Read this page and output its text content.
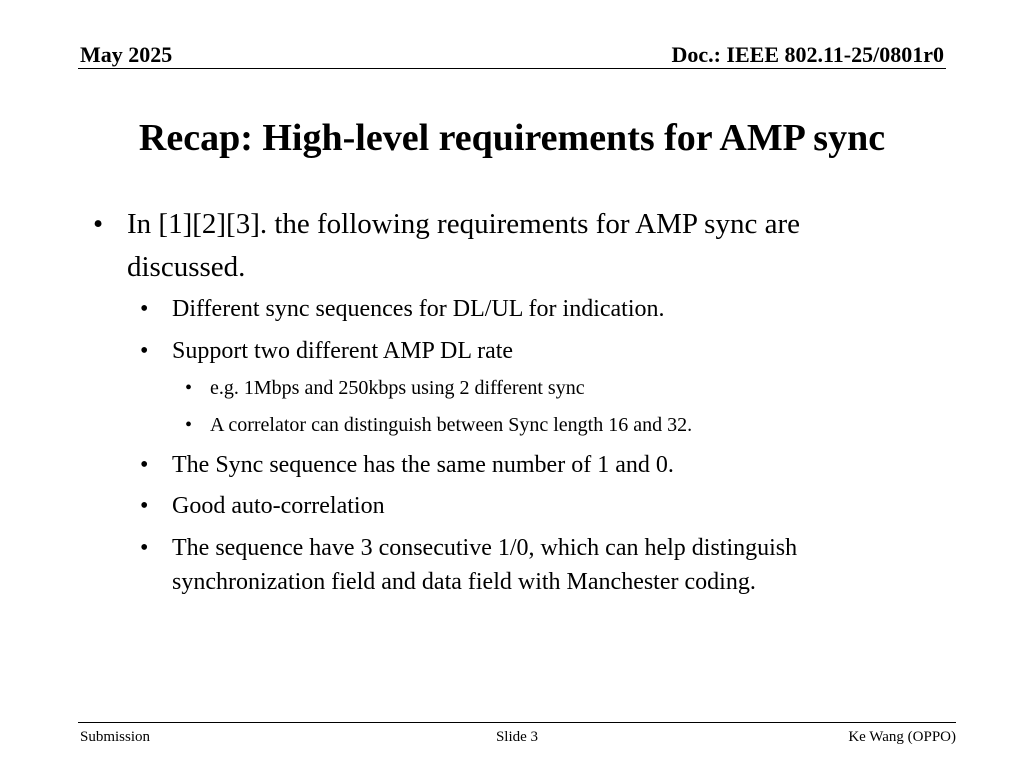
May 2025	Doc.: IEEE 802.11-25/0801r0
Recap: High-level requirements for AMP sync
• In [1][2][3]. the following requirements for AMP sync are
discussed.
• Different sync sequences for DL/UL for indication.
• Support two different AMP DL rate
• e.g. 1Mbps and 250kbps using 2 different sync
• A correlator can distinguish between Sync length 16 and 32.
• The Sync sequence has the same number of 1 and 0.
• Good auto-correlation
• The sequence have 3 consecutive 1/0, which can help distinguish
synchronization field and data field with Manchester coding.
Submission	Slide 3	Ke Wang (OPPO)
